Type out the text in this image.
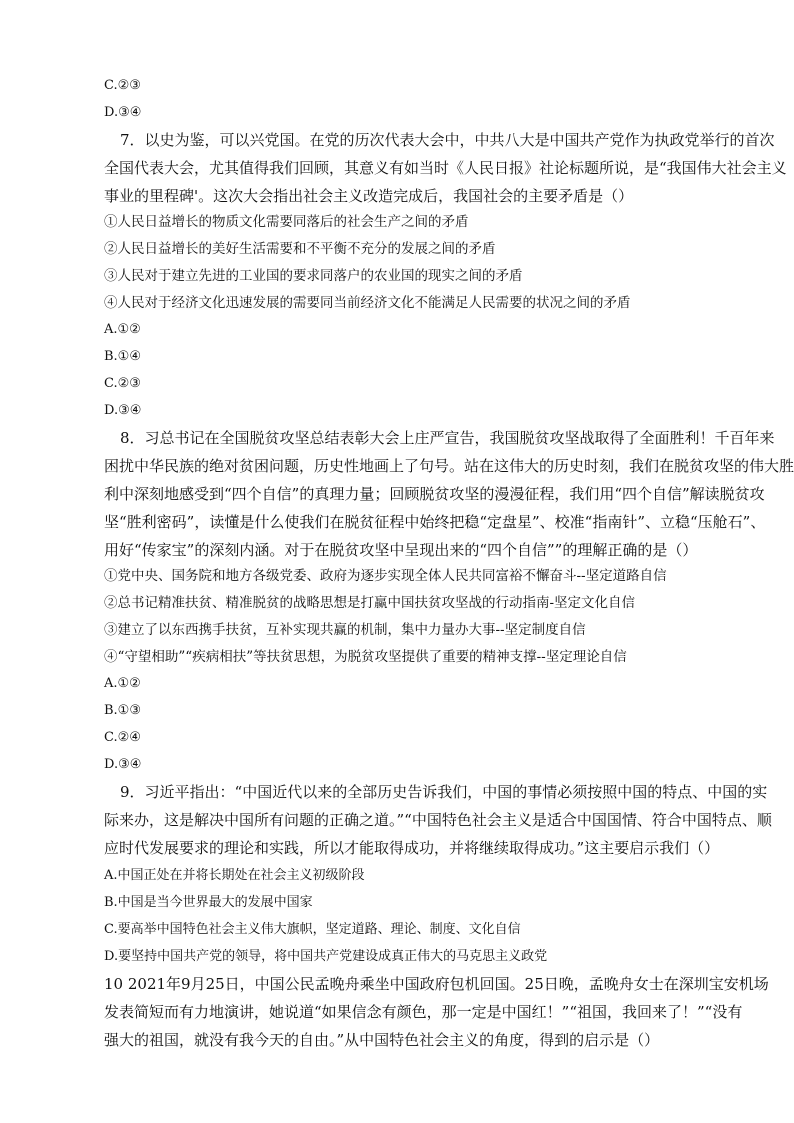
C.②③
D.③④
7．以史为鉴，可以兴党国。在党的历次代表大会中，中共八大是中国共产党作为执政党举行的首次
全国代表大会，尤其值得我们回顾，其意义有如当时《人民日报》社论标题所说，是“我国伟大社会主义
事业的里程碑'。这次大会指出社会主义改造完成后，我国社会的主要矛盾是（）
①人民日益增长的物质文化需要同落后的社会生产之间的矛盾
②人民日益增长的美好生活需要和不平衡不充分的发展之间的矛盾
③人民对于建立先进的工业国的要求同落户的农业国的现实之间的矛盾
④人民对于经济文化迅速发展的需要同当前经济文化不能满足人民需要的状况之间的矛盾
A.①②
B.①④
C.②③
D.③④
8．习总书记在全国脱贫攻坚总结表彰大会上庄严宣告，我国脱贫攻坚战取得了全面胜利！千百年来
困扰中华民族的绝对贫困问题，历史性地画上了句号。站在这伟大的历史时刻，我们在脱贫攻坚的伟大胜
利中深刻地感受到“四个自信”的真理力量；回顾脱贫攻坚的漫漫征程，我们用“四个自信”解读脱贫攻
坚“胜利密码”，读懂是什么使我们在脱贫征程中始终把稳“定盘星”、校准“指南针”、立稳“压舱石”、
用好“传家宝”的深刻内涵。对于在脱贫攻坚中呈现出来的“四个自信””的理解正确的是（）
①党中央、国务院和地方各级党委、政府为逐步实现全体人民共同富裕不懈奋斗--坚定道路自信
②总书记精准扶贫、精准脱贫的战略思想是打赢中国扶贫攻坚战的行动指南-坚定文化自信
③建立了以东西携手扶贫，互补实现共赢的机制，集中力量办大事--坚定制度自信
④“守望相助”“疾病相扶”等扶贫思想，为脱贫攻坚提供了重要的精神支撑--坚定理论自信
A.①②
B.①③
C.②④
D.③④
9．习近平指出：“中国近代以来的全部历史告诉我们，中国的事情必须按照中国的特点、中国的实
际来办，这是解决中国所有问题的正确之道。”“中国特色社会主义是适合中国国情、符合中国特点、顺
应时代发展要求的理论和实践，所以才能取得成功，并将继续取得成功。”这主要启示我们（）
A.中国正处在并将长期处在社会主义初级阶段
B.中国是当今世界最大的发展中国家
C.要高举中国特色社会主义伟大旗帜，坚定道路、理论、制度、文化自信
D.要坚持中国共产党的领导，将中国共产党建设成真正伟大的马克思主义政党
10 2021年9月25日，中国公民孟晚舟乘坐中国政府包机回国。25日晚，孟晚舟女士在深圳宝安机场
发表简短而有力地演讲，她说道“如果信念有颜色，那一定是中国红！”“祖国，我回来了！”“没有
强大的祖国，就没有我今天的自由。”从中国特色社会主义的角度，得到的启示是（）
